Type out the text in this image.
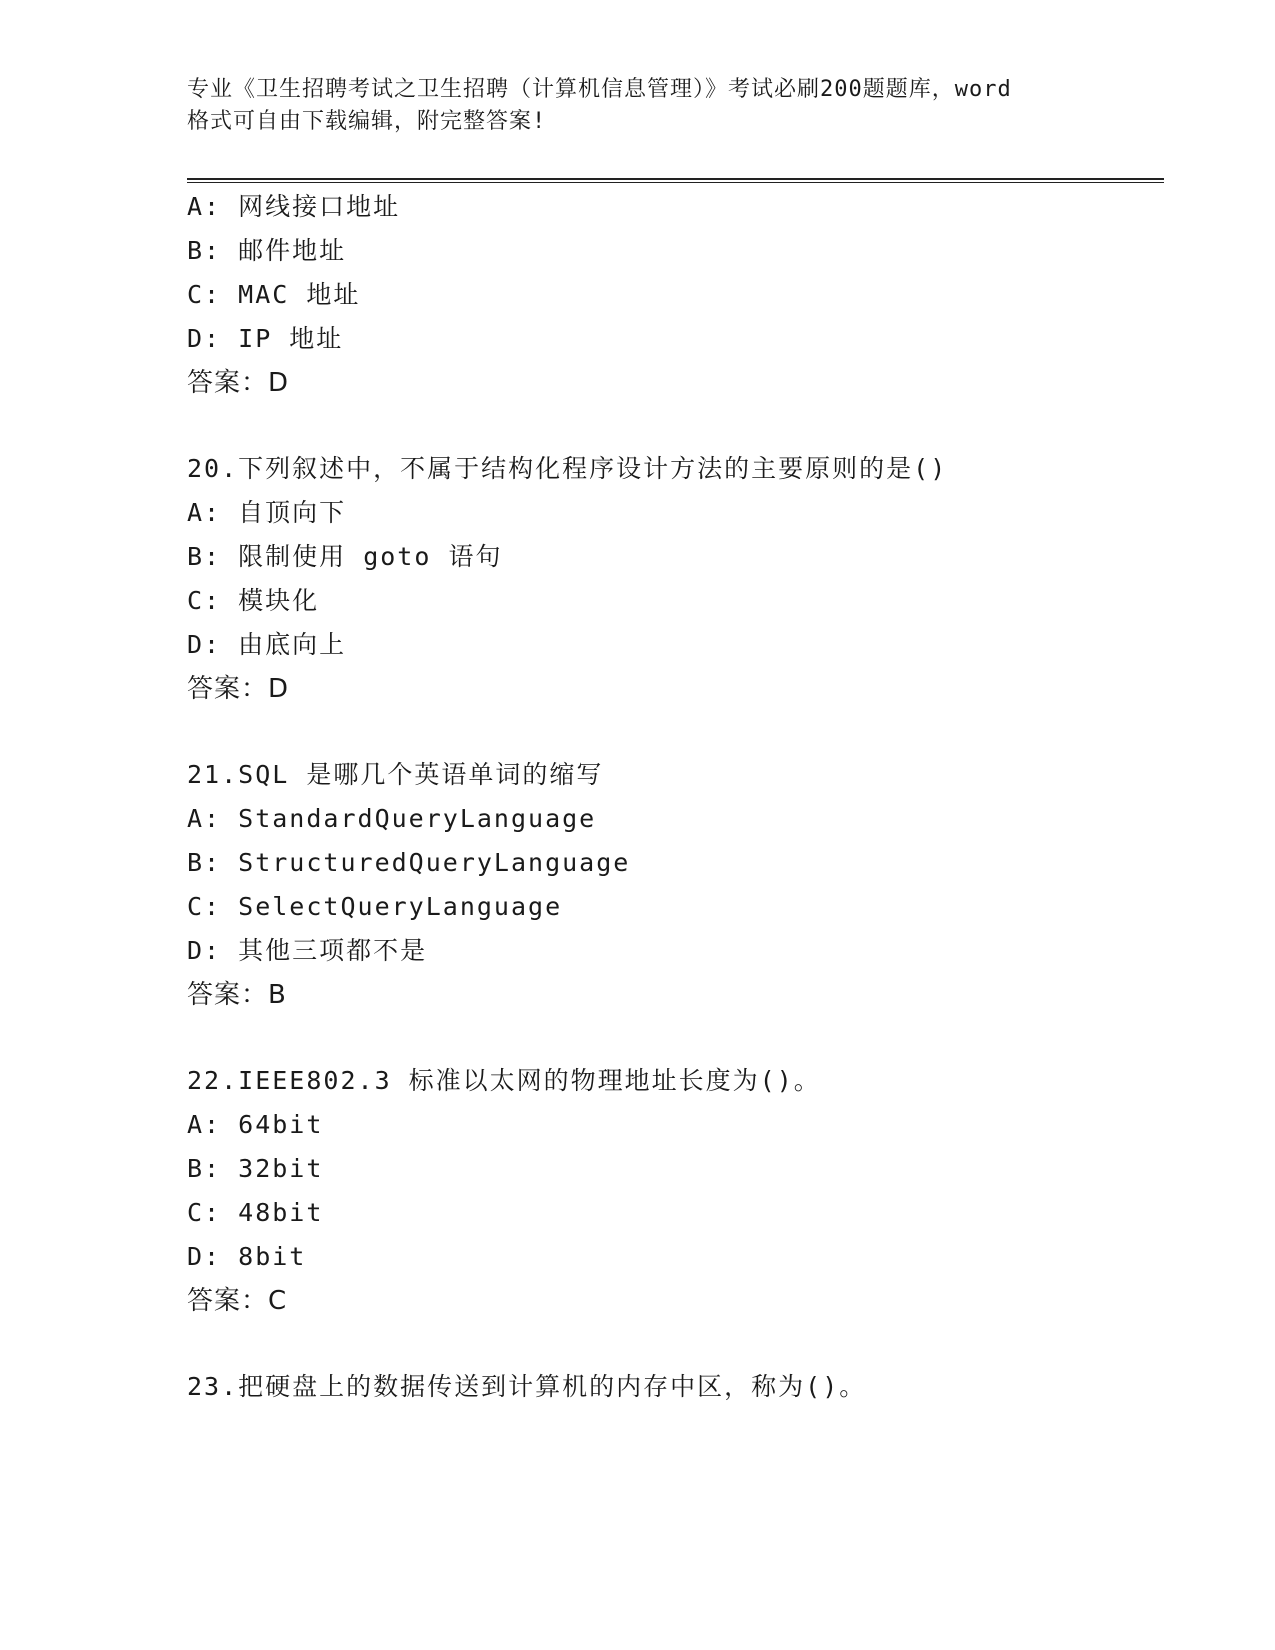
专业《卫生招聘考试之卫生招聘（计算机信息管理）》考试必刷200题题库，word
格式可自由下载编辑，附完整答案!
A: 网线接口地址
B: 邮件地址
C: MAC 地址
D: IP 地址
答案：D
20.下列叙述中，不属于结构化程序设计方法的主要原则的是()
A: 自顶向下
B: 限制使用 goto 语句
C: 模块化
D: 由底向上
答案：D
21.SQL 是哪几个英语单词的缩写
A: StandardQueryLanguage
B: StructuredQueryLanguage
C: SelectQueryLanguage
D: 其他三项都不是
答案：B
22.IEEE802.3 标准以太网的物理地址长度为()。
A: 64bit
B: 32bit
C: 48bit
D: 8bit
答案：C
23.把硬盘上的数据传送到计算机的内存中区，称为()。
